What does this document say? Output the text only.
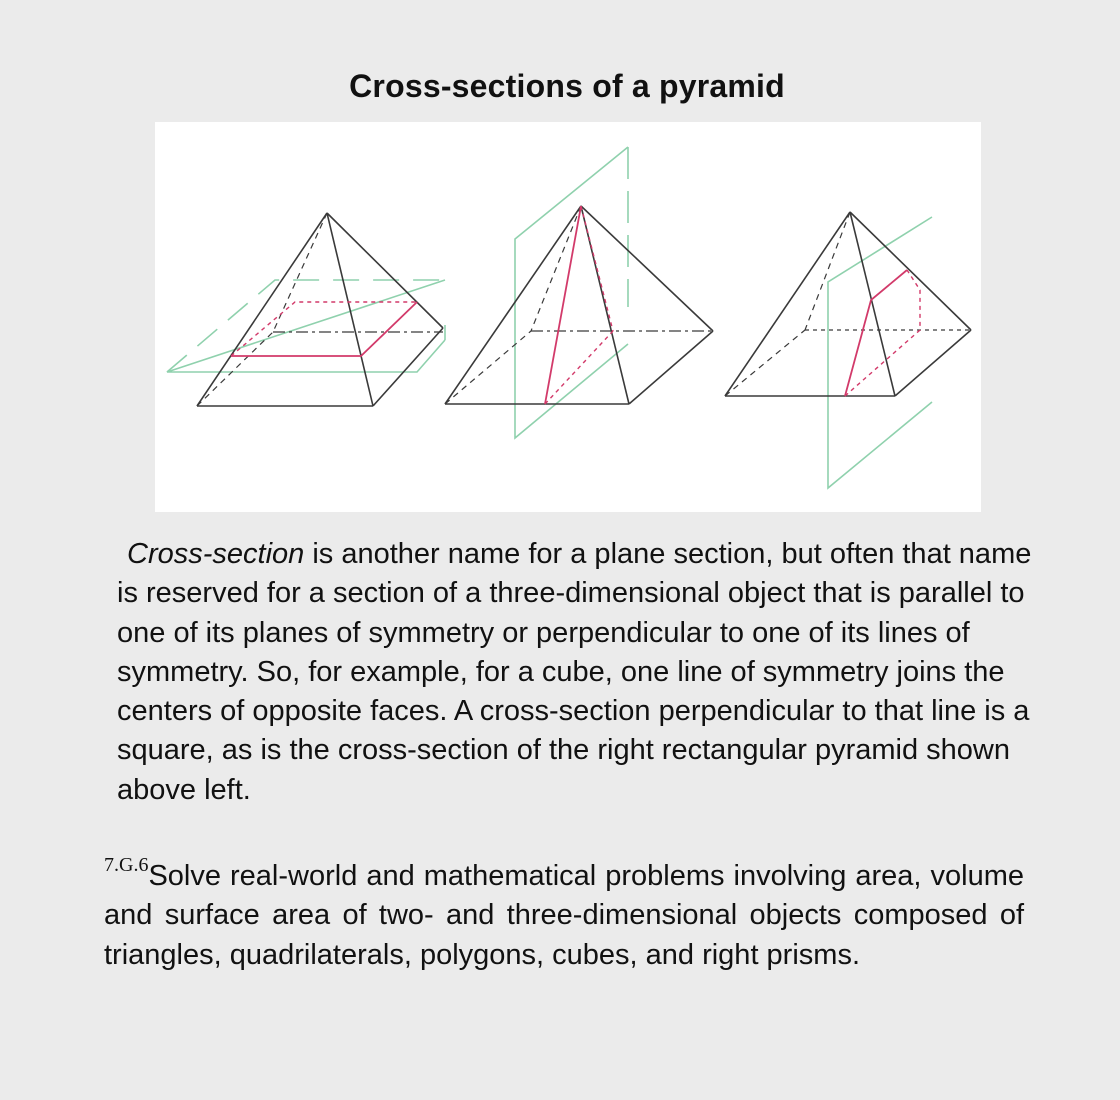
Cross-sections of a pyramid

Cross-section is another name for a plane section, but often that name is reserved for a section of a three-dimensional object that is parallel to one of its planes of symmetry or perpendicular to one of its lines of symmetry. So, for example, for a cube, one line of symmetry joins the centers of opposite faces. A cross-section perpendicular to that line is a square, as is the cross-section of the right rectangular pyramid shown above left.

$^{7.G.6}$Solve real-world and mathematical problems involving area, volume and surface area of two- and three-dimensional objects composed of triangles, quadrilaterals, polygons, cubes, and right prisms.
